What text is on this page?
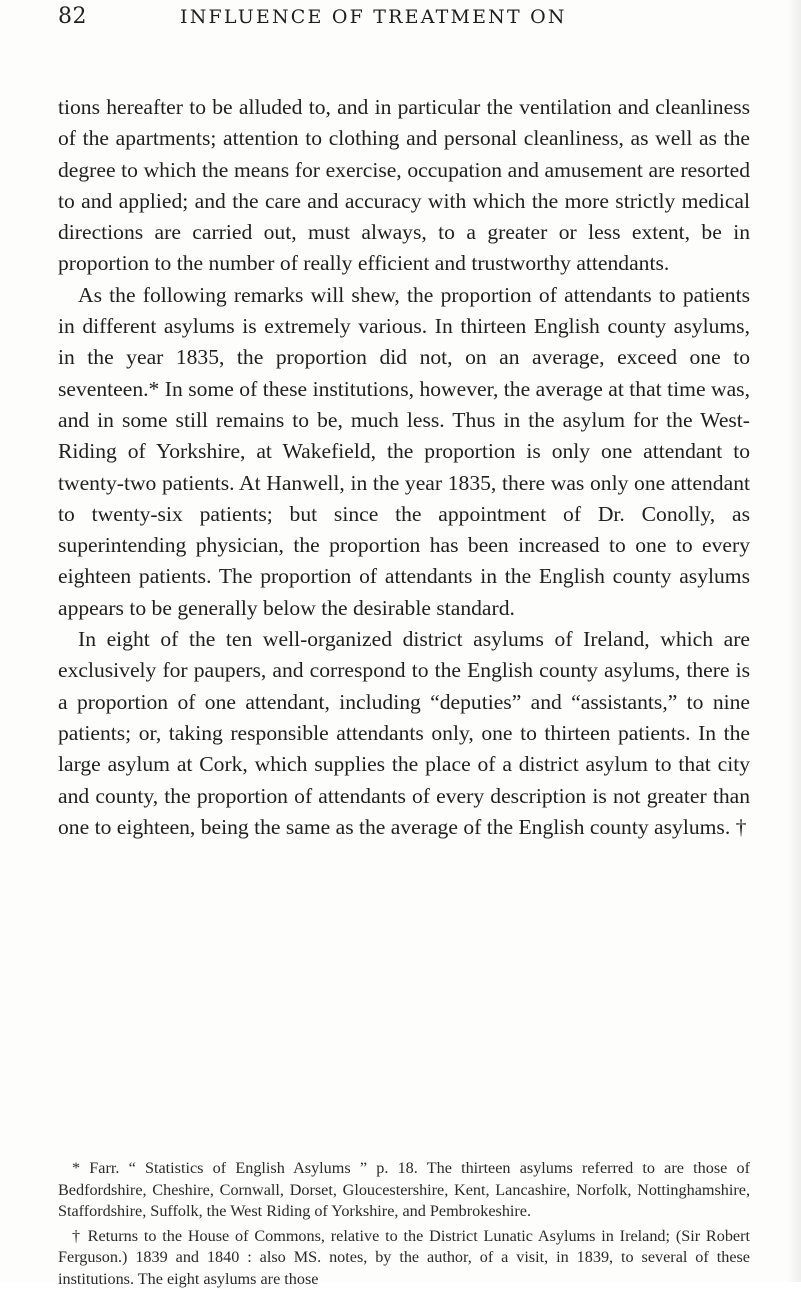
82	INFLUENCE OF TREATMENT ON

tions hereafter to be alluded to, and in particular the ventilation and cleanliness of the apartments; attention to clothing and personal cleanliness, as well as the degree to which the means for exercise, occupation and amusement are resorted to and applied; and the care and accuracy with which the more strictly medical directions are carried out, must always, to a greater or less extent, be in proportion to the number of really efficient and trustworthy attendants.

As the following remarks will shew, the proportion of attendants to patients in different asylums is extremely various. In thirteen English county asylums, in the year 1835, the proportion did not, on an average, exceed one to seventeen.* In some of these institutions, however, the average at that time was, and in some still remains to be, much less. Thus in the asylum for the West-Riding of Yorkshire, at Wakefield, the proportion is only one attendant to twenty-two patients. At Hanwell, in the year 1835, there was only one attendant to twenty-six patients; but since the appointment of Dr. Conolly, as superintending physician, the proportion has been increased to one to every eighteen patients. The proportion of attendants in the English county asylums appears to be generally below the desirable standard.

In eight of the ten well-organized district asylums of Ireland, which are exclusively for paupers, and correspond to the English county asylums, there is a proportion of one attendant, including “deputies” and “assistants,” to nine patients; or, taking responsible attendants only, one to thirteen patients. In the large asylum at Cork, which supplies the place of a district asylum to that city and county, the proportion of attendants of every description is not greater than one to eighteen, being the same as the average of the English county asylums. †

* Farr. “ Statistics of English Asylums ” p. 18. The thirteen asylums referred to are those of Bedfordshire, Cheshire, Cornwall, Dorset, Gloucestershire, Kent, Lancashire, Norfolk, Nottinghamshire, Staffordshire, Suffolk, the West Riding of Yorkshire, and Pembrokeshire.

† Returns to the House of Commons, relative to the District Lunatic Asylums in Ireland; (Sir Robert Ferguson.) 1839 and 1840 : also MS. notes, by the author, of a visit, in 1839, to several of these institutions. The eight asylums are those
